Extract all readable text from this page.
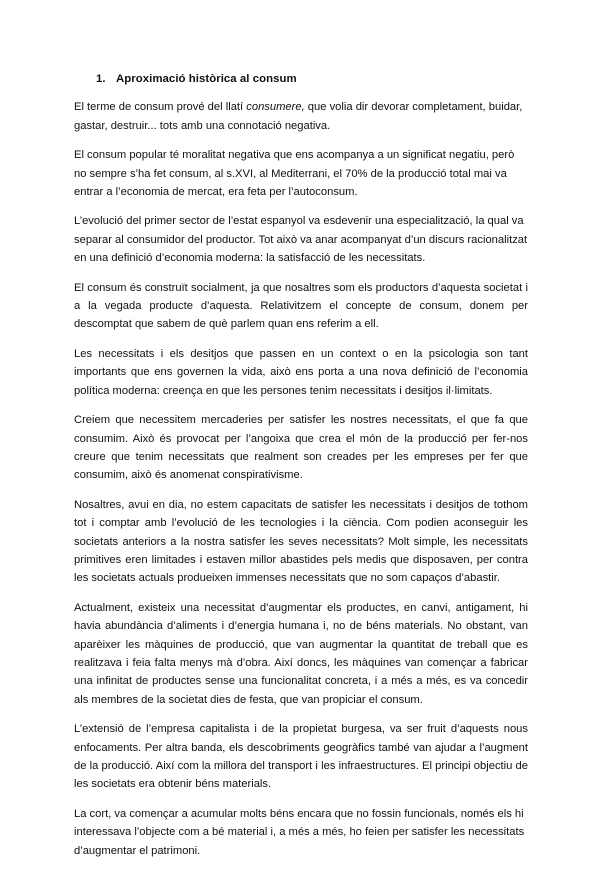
1. Aproximació històrica al consum

El terme de consum prové del llatí consumere, que volia dir devorar completament, buidar, gastar, destruir... tots amb una connotació negativa.

El consum popular té moralitat negativa que ens acompanya a un significat negatiu, però no sempre s’ha fet consum, al s.XVI, al Mediterrani, el 70% de la producció total mai va entrar a l’economia de mercat, era feta per l’autoconsum.

L’evolució del primer sector de l’estat espanyol va esdevenir una especialització, la qual va separar al consumidor del productor. Tot això va anar acompanyat d’un discurs racionalitzat en una definició d’economia moderna: la satisfacció de les necessitats.

El consum és construït socialment, ja que nosaltres som els productors d’aquesta societat i a la vegada producte d’aquesta. Relativitzem el concepte de consum, donem per descomptat que sabem de què parlem quan ens referim a ell.

Les necessitats i els desitjos que passen en un context o en la psicologia son tant importants que ens governen la vida, això ens porta a una nova definició de l’economia política moderna: creença en que les persones tenim necessitats i desitjos il·limitats.

Creiem que necessitem mercaderies per satisfer les nostres necessitats, el que fa que consumim. Això és provocat per l’angoixa que crea el món de la producció per fer-nos creure que tenim necessitats que realment son creades per les empreses per fer que consumim, això és anomenat conspirativisme.

Nosaltres, avui en dia, no estem capacitats de satisfer les necessitats i desitjos de tothom tot i comptar amb l’evolució de les tecnologies i la ciència. Com podien aconseguir les societats anteriors a la nostra satisfer les seves necessitats? Molt simple, les necessitats primitives eren limitades i estaven millor abastides pels medis que disposaven, per contra les societats actuals produeixen immenses necessitats que no som capaços d’abastir.

Actualment, existeix una necessitat d’augmentar els productes, en canvi, antigament, hi havia abundància d’aliments i d’energia humana i, no de béns materials. No obstant, van aparèixer les màquines de producció, que van augmentar la quantitat de treball que es realitzava i feia falta menys mà d’obra. Així doncs, les màquines van començar a fabricar una infinitat de productes sense una funcionalitat concreta, i a més a més, es va concedir als membres de la societat dies de festa, que van propiciar el consum.

L’extensió de l’empresa capitalista i de la propietat burgesa, va ser fruit d’aquests nous enfocaments. Per altra banda, els descobriments geogràfics també van ajudar a l’augment de la producció. Així com la millora del transport i les infraestructures. El principi objectiu de les societats era obtenir béns materials.

La cort, va començar a acumular molts béns encara que no fossin funcionals, només els hi interessava l’objecte com a bé material i, a més a més, ho feien per satisfer les necessitats d’augmentar el patrimoni.
